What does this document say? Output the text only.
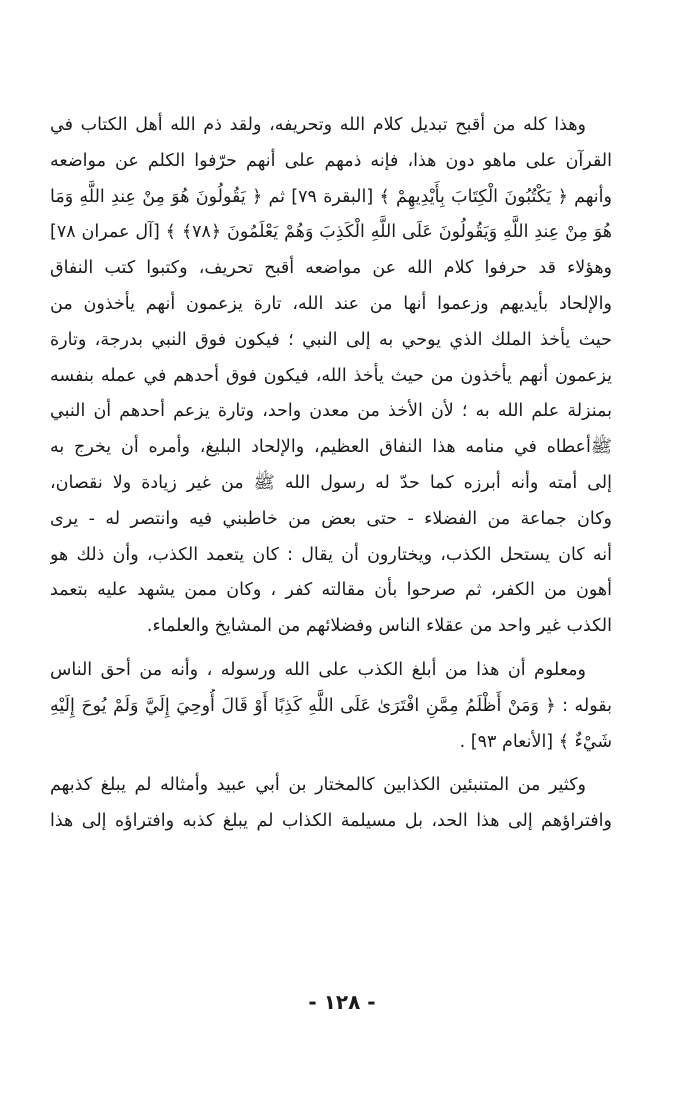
وهذا كله من أقبح تبديل كلام الله وتحريفه، ولقد ذم الله أهل الكتاب في
القرآن على ماهو دون هذا، فإنه ذمهم على أنهم حرّفوا الكلم عن مواضعه
وأنهم ﴿ يَكْتُبُونَ الْكِتَابَ بِأَيْدِيهِمْ ﴾ [البقرة ٧٩] ثم ﴿ يَقُولُونَ هُوَ مِنْ عِندِ اللَّهِ وَمَا
هُوَ مِنْ عِندِ اللَّهِ وَيَقُولُونَ عَلَى اللَّهِ الْكَذِبَ وَهُمْ يَعْلَمُونَ ﴿٧٨﴾ ﴾ [آل عمران ٧٨]
وهؤلاء قد حرفوا كلام الله عن مواضعه أقبح تحريف، وكتبوا كتب النفاق
والإلحاد بأيديهم وزعموا أنها من عند الله، تارة يزعمون أنهم يأخذون من
حيث يأخذ الملك الذي يوحي به إلى النبي ؛ فيكون فوق النبي بدرجة، وتارة
يزعمون أنهم يأخذون من حيث يأخذ الله، فيكون فوق أحدهم في عمله بنفسه
بمنزلة علم الله به ؛ لأن الأخذ من معدن واحد، وتارة يزعم أحدهم أن النبي
ﷺأعطاه في منامه هذا النفاق العظيم، والإلحاد البليغ، وأمره أن يخرج به
إلى أمته وأنه أبرزه كما حدّ له رسول الله ﷺ من غير زيادة ولا نقصان،
وكان جماعة من الفضلاء - حتى بعض من خاطبني فيه وانتصر له - يرى
أنه كان يستحل الكذب، ويختارون أن يقال : كان يتعمد الكذب، وأن ذلك هو
أهون من الكفر، ثم صرحوا بأن مقالته كفر ، وكان ممن يشهد عليه بتعمد
الكذب غير واحد من عقلاء الناس وفضلائهم من المشايخ والعلماء.
ومعلوم أن هذا من أبلغ الكذب على الله ورسوله ، وأنه من أحق الناس
بقوله : ﴿ وَمَنْ أَظْلَمُ مِمَّنِ افْتَرَىٰ عَلَى اللَّهِ كَذِبًا أَوْ قَالَ أُوحِيَ إِلَيَّ وَلَمْ يُوحَ إِلَيْهِ
شَيْءٌ ﴾ [الأنعام ٩٣] .
وكثير من المتنبئين الكذابين كالمختار بن أبي عبيد وأمثاله لم يبلغ كذبهم
وافتراؤهم إلى هذا الحد، بل مسيلمة الكذاب لم يبلغ كذبه وافتراؤه إلى هذا
- ١٢٨ -
